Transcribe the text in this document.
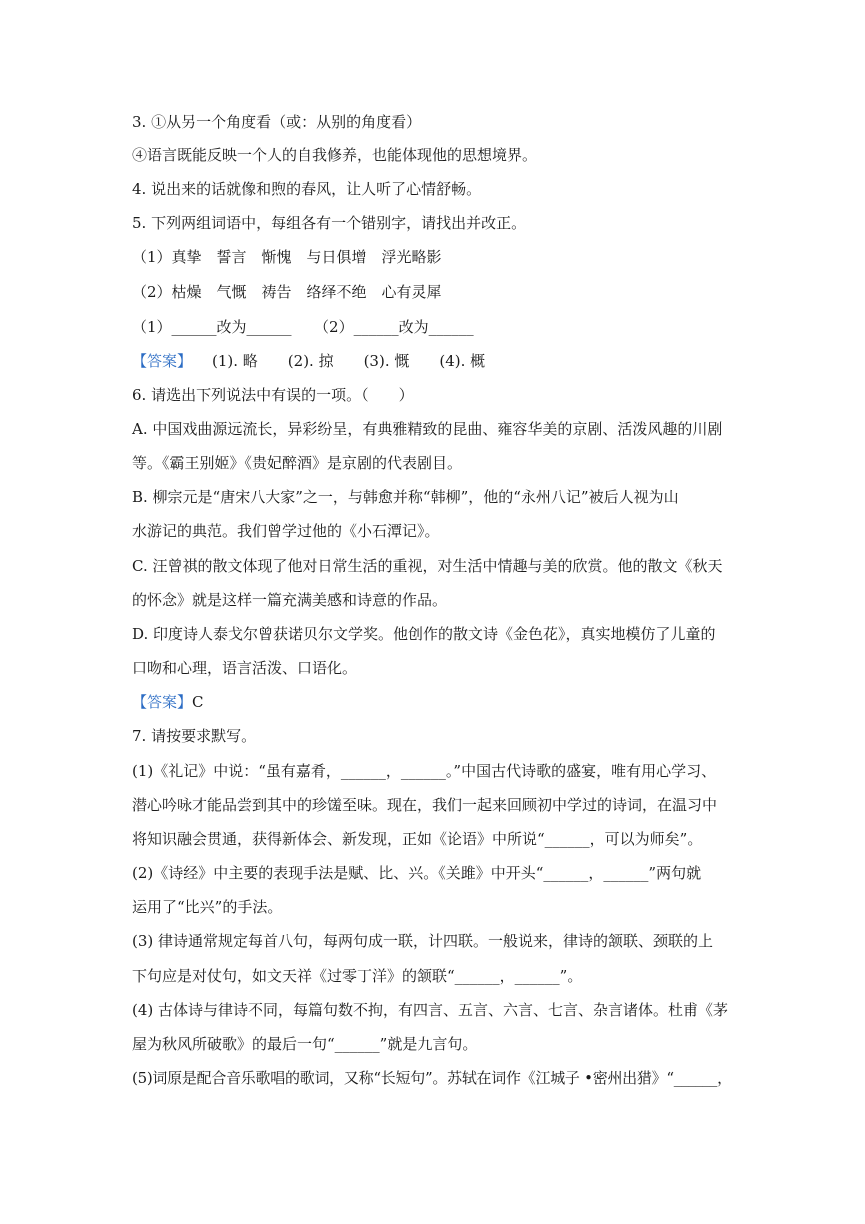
3. ①从另一个角度看（或：从别的角度看）
④语言既能反映一个人的自我修养，也能体现他的思想境界。
4. 说出来的话就像和煦的春风，让人听了心情舒畅。
5. 下列两组词语中，每组各有一个错别字，请找出并改正。
（1）真挚　誓言　惭愧　与日俱增　浮光略影
（2）枯燥　气慨　祷告　络绎不绝　心有灵犀
（1）______改为______　　（2）______改为______
【答案】 (1). 略　　(2). 掠　　(3). 慨　　(4). 概
6. 请选出下列说法中有误的一项。（　　）
A. 中国戏曲源远流长，异彩纷呈，有典雅精致的昆曲、雍容华美的京剧、活泼风趣的川剧
等。《霸王别姬》《贵妃醉酒》是京剧的代表剧目。
B. 柳宗元是“唐宋八大家”之一，与韩愈并称“韩柳”，他的“永州八记”被后人视为山
水游记的典范。我们曾学过他的《小石潭记》。
C. 汪曾祺的散文体现了他对日常生活的重视，对生活中情趣与美的欣赏。他的散文《秋天
的怀念》就是这样一篇充满美感和诗意的作品。
D. 印度诗人泰戈尔曾获诺贝尔文学奖。他创作的散文诗《金色花》，真实地模仿了儿童的
口吻和心理，语言活泼、口语化。
【答案】C
7. 请按要求默写。
(1)《礼记》中说：“虽有嘉肴，______，______。”中国古代诗歌的盛宴，唯有用心学习、
潜心吟咏才能品尝到其中的珍馐至味。现在，我们一起来回顾初中学过的诗词，在温习中
将知识融会贯通，获得新体会、新发现，正如《论语》中所说“______，可以为师矣”。
(2)《诗经》中主要的表现手法是赋、比、兴。《关雎》中开头“______，______”两句就
运用了“比兴”的手法。
(3) 律诗通常规定每首八句，每两句成一联，计四联。一般说来，律诗的颔联、颈联的上
下句应是对仗句，如文天祥《过零丁洋》的颔联“______，______”。
(4) 古体诗与律诗不同，每篇句数不拘，有四言、五言、六言、七言、杂言诸体。杜甫《茅
屋为秋风所破歌》的最后一句“______”就是九言句。
(5)词原是配合音乐歌唱的歌词，又称“长短句”。苏轼在词作《江城子 •密州出猎》“______，
